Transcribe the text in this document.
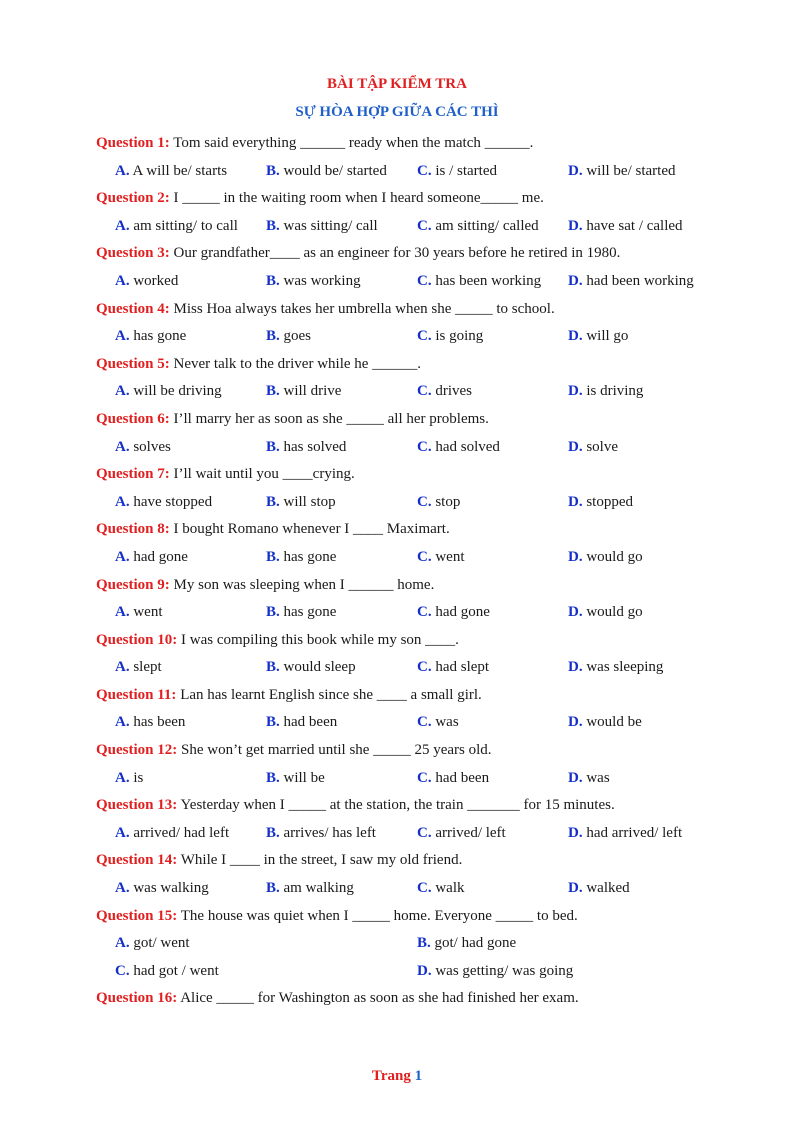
BÀI TẬP KIỂM TRA
SỰ HÒA HỢP GIỮA CÁC THÌ
Question 1: Tom said everything ______ ready when the match ______.
A. A will be/ starts	B. would be/ started C. is / started	D. will be/ started
Question 2: I _____ in the waiting room when I heard someone_____ me.
A. am sitting/ to call B. was sitting/ call	C. am sitting/ called D. have sat / called
Question 3: Our grandfather____ as an engineer for 30 years before he retired in 1980.
A. worked	B. was working	C. has been working D. had been working
Question 4: Miss Hoa always takes her umbrella when she _____ to school.
A. has gone	B. goes	C. is going	D. will go
Question 5: Never talk to the driver while he ______.
A. will be driving	B. will drive	C. drives	D. is driving
Question 6: I’ll marry her as soon as she _____ all her problems.
A. solves	B. has solved	C. had solved	D. solve
Question 7: I’ll wait until you ____crying.
A. have stopped	B. will stop	C. stop	D. stopped
Question 8: I bought Romano whenever I ____ Maximart.
A. had gone	B. has gone	C. went	D. would go
Question 9: My son was sleeping when I ______ home.
A. went	B. has gone	C. had gone	D. would go
Question 10: I was compiling this book while my son ____.
A. slept	B. would sleep	C. had slept	D. was sleeping
Question 11: Lan has learnt English since she ____ a small girl.
A. has been	B. had been	C. was	D. would be
Question 12: She won’t get married until she _____ 25 years old.
A. is	B. will be	C. had been	D. was
Question 13: Yesterday when I _____ at the station, the train _______ for 15 minutes.
A. arrived/ had left B. arrives/ has left	C. arrived/ left	D. had arrived/ left
Question 14: While I ____ in the street, I saw my old friend.
A. was walking	B. am walking	C. walk	D. walked
Question 15: The house was quiet when I _____ home. Everyone _____ to bed.
A. got/ went	B. got/ had gone
C. had got / went	D. was getting/ was going
Question 16: Alice _____ for Washington as soon as she had finished her exam.
Trang 1
